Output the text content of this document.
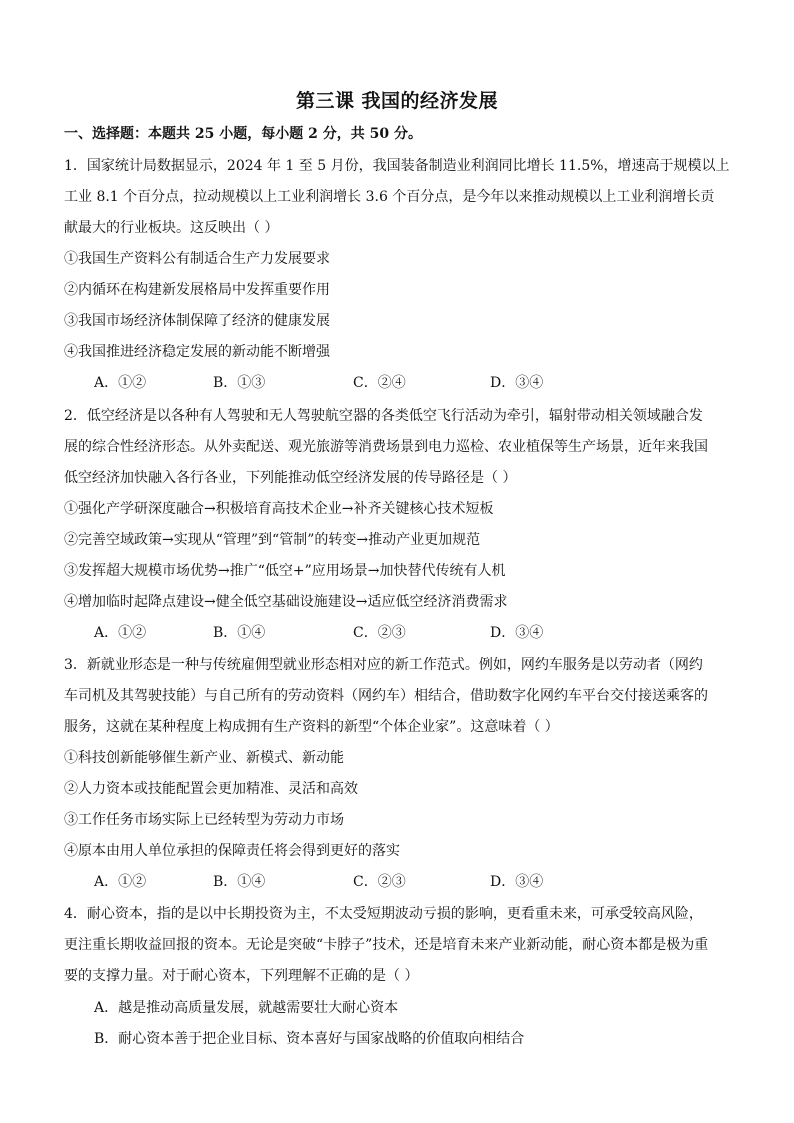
第三课 我国的经济发展
一、选择题：本题共 25 小题，每小题 2 分，共 50 分。
1．国家统计局数据显示，2024 年 1 至 5 月份，我国装备制造业利润同比增长 11.5%，增速高于规模以上
工业 8.1 个百分点，拉动规模以上工业利润增长 3.6 个百分点，是今年以来推动规模以上工业利润增长贡
献最大的行业板块。这反映出（ ）
①我国生产资料公有制适合生产力发展要求
②内循环在构建新发展格局中发挥重要作用
③我国市场经济体制保障了经济的健康发展
④我国推进经济稳定发展的新动能不断增强
A．①②	B．①③	C．②④	D．③④
2．低空经济是以各种有人驾驶和无人驾驶航空器的各类低空飞行活动为牵引，辐射带动相关领域融合发
展的综合性经济形态。从外卖配送、观光旅游等消费场景到电力巡检、农业植保等生产场景，近年来我国
低空经济加快融入各行各业，下列能推动低空经济发展的传导路径是（ ）
①强化产学研深度融合→积极培育高技术企业→补齐关键核心技术短板
②完善空域政策→实现从“管理”到“管制”的转变→推动产业更加规范
③发挥超大规模市场优势→推广“低空+”应用场景→加快替代传统有人机
④增加临时起降点建设→健全低空基础设施建设→适应低空经济消费需求
A．①②	B．①④	C．②③	D．③④
3．新就业形态是一种与传统雇佣型就业形态相对应的新工作范式。例如，网约车服务是以劳动者（网约
车司机及其驾驶技能）与自己所有的劳动资料（网约车）相结合，借助数字化网约车平台交付接送乘客的
服务，这就在某种程度上构成拥有生产资料的新型“个体企业家”。这意味着（ ）
①科技创新能够催生新产业、新模式、新动能
②人力资本或技能配置会更加精准、灵活和高效
③工作任务市场实际上已经转型为劳动力市场
④原本由用人单位承担的保障责任将会得到更好的落实
A．①②	B．①④	C．②③	D．③④
4．耐心资本，指的是以中长期投资为主，不太受短期波动亏损的影响，更看重未来，可承受较高风险，
更注重长期收益回报的资本。无论是突破“卡脖子”技术，还是培育未来产业新动能，耐心资本都是极为重
要的支撑力量。对于耐心资本，下列理解不正确的是（ ）
A．越是推动高质量发展，就越需要壮大耐心资本
B．耐心资本善于把企业目标、资本喜好与国家战略的价值取向相结合
